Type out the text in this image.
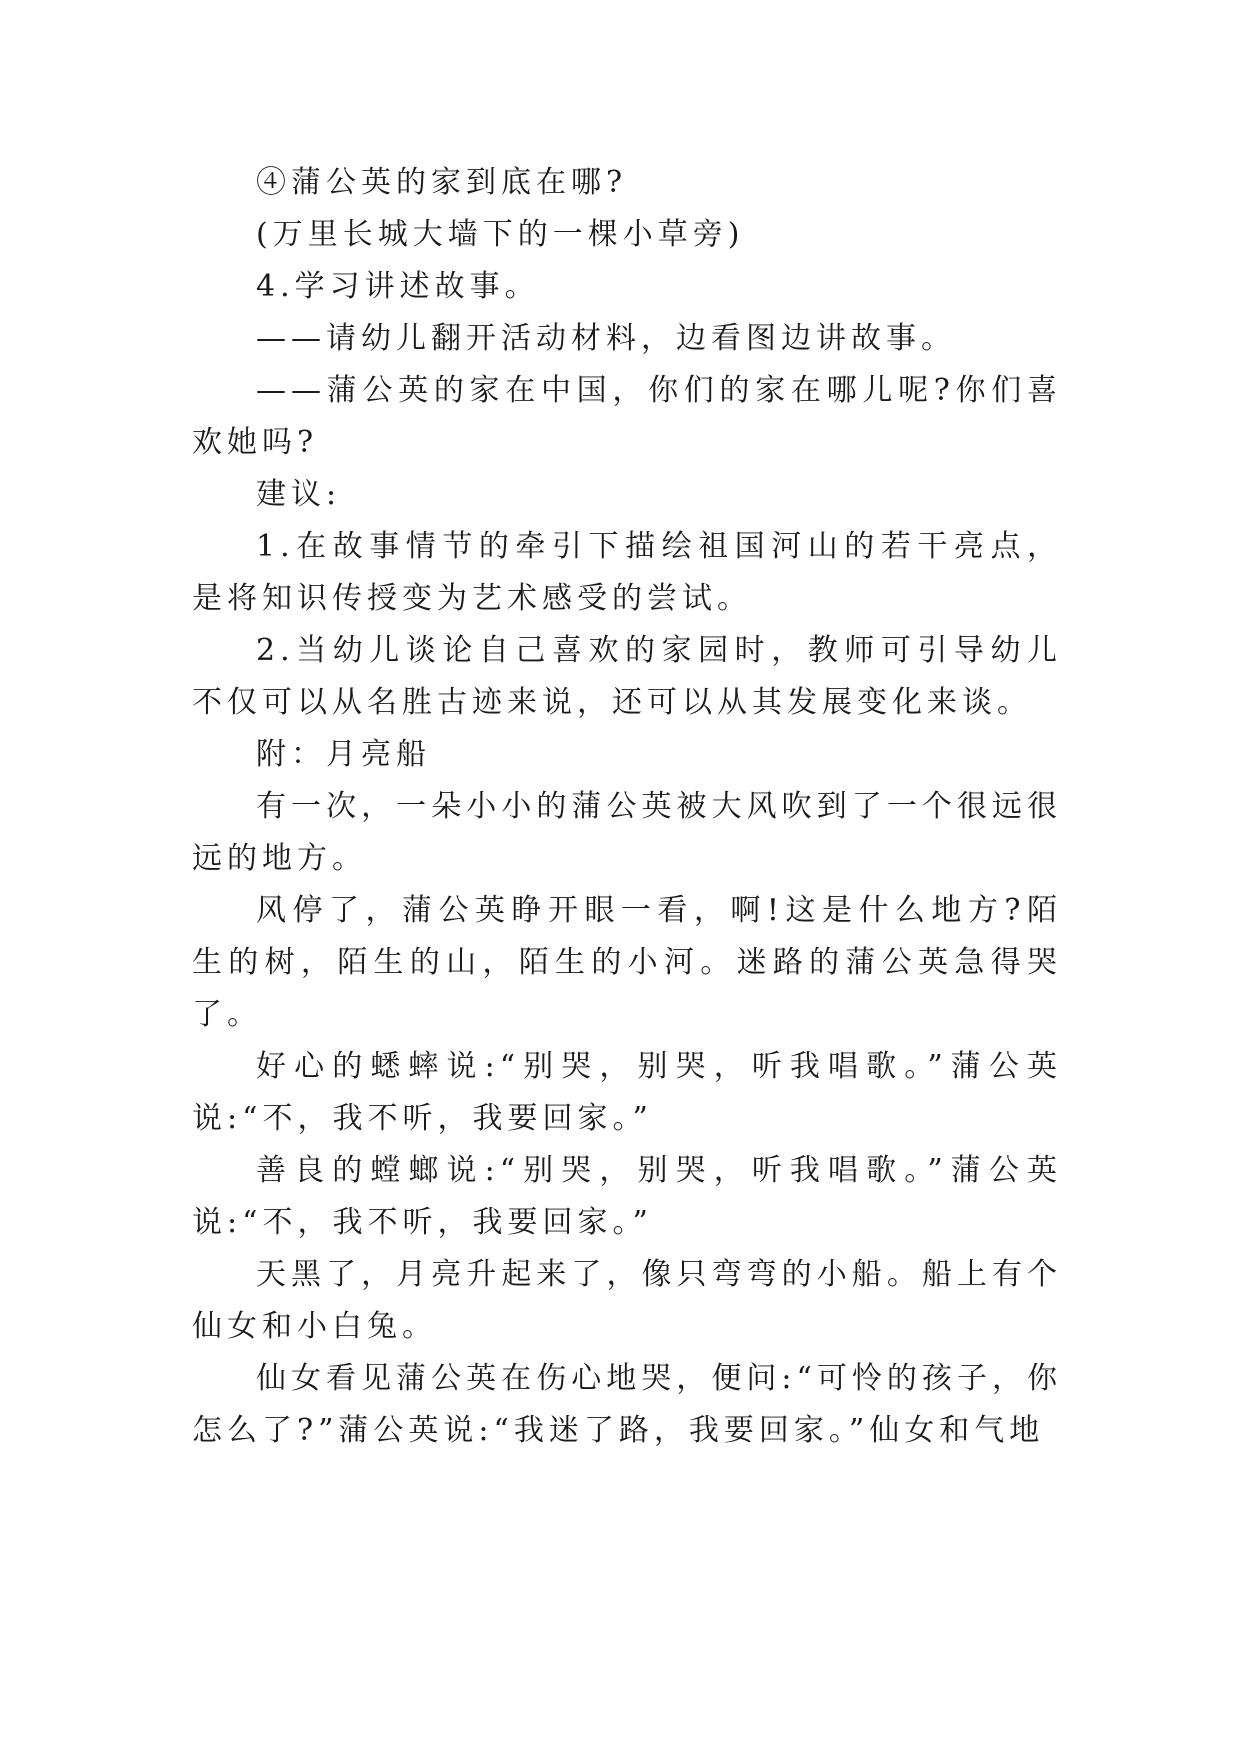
④蒲公英的家到底在哪?

(万里长城大墙下的一棵小草旁)

4.学习讲述故事。

——请幼儿翻开活动材料，边看图边讲故事。

——蒲公英的家在中国，你们的家在哪儿呢?你们喜欢她吗?

建议:

1.在故事情节的牵引下描绘祖国河山的若干亮点，是将知识传授变为艺术感受的尝试。

2.当幼儿谈论自己喜欢的家园时，教师可引导幼儿不仅可以从名胜古迹来说，还可以从其发展变化来谈。

附：月亮船

有一次，一朵小小的蒲公英被大风吹到了一个很远很远的地方。

风停了，蒲公英睁开眼一看，啊!这是什么地方?陌生的树，陌生的山，陌生的小河。迷路的蒲公英急得哭了。

好心的蟋蟀说:“别哭，别哭，听我唱歌。”蒲公英说:“不，我不听，我要回家。”

善良的螳螂说:“别哭，别哭，听我唱歌。”蒲公英说:“不，我不听，我要回家。”

天黑了，月亮升起来了，像只弯弯的小船。船上有个仙女和小白兔。

仙女看见蒲公英在伤心地哭，便问:“可怜的孩子，你怎么了?”蒲公英说:“我迷了路，我要回家。”仙女和气地
